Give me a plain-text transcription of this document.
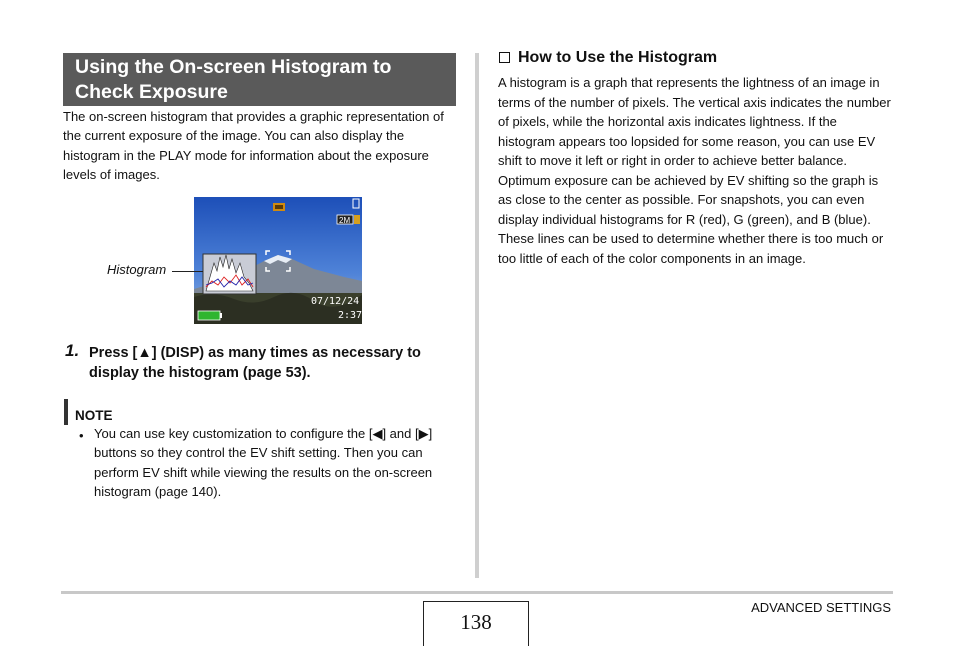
Using the On-screen Histogram to
Check Exposure
The on-screen histogram that provides a graphic representation of the current exposure of the image. You can also display the histogram in the PLAY mode for information about the exposure levels of images.
2M
07/12/24
2:37
Histogram
1. Press [▲] (DISP) as many times as necessary to display the histogram (page 53).
NOTE
• You can use key customization to configure the [◀] and [▶] buttons so they control the EV shift setting. Then you can perform EV shift while viewing the results on the on-screen histogram (page 140).
How to Use the Histogram
A histogram is a graph that represents the lightness of an image in terms of the number of pixels. The vertical axis indicates the number of pixels, while the horizontal axis indicates lightness. If the histogram appears too lopsided for some reason, you can use EV shift to move it left or right in order to achieve better balance. Optimum exposure can be achieved by EV shifting so the graph is as close to the center as possible. For snapshots, you can even display individual histograms for R (red), G (green), and B (blue). These lines can be used to determine whether there is too much or too little of each of the color components in an image.
138
ADVANCED SETTINGS
